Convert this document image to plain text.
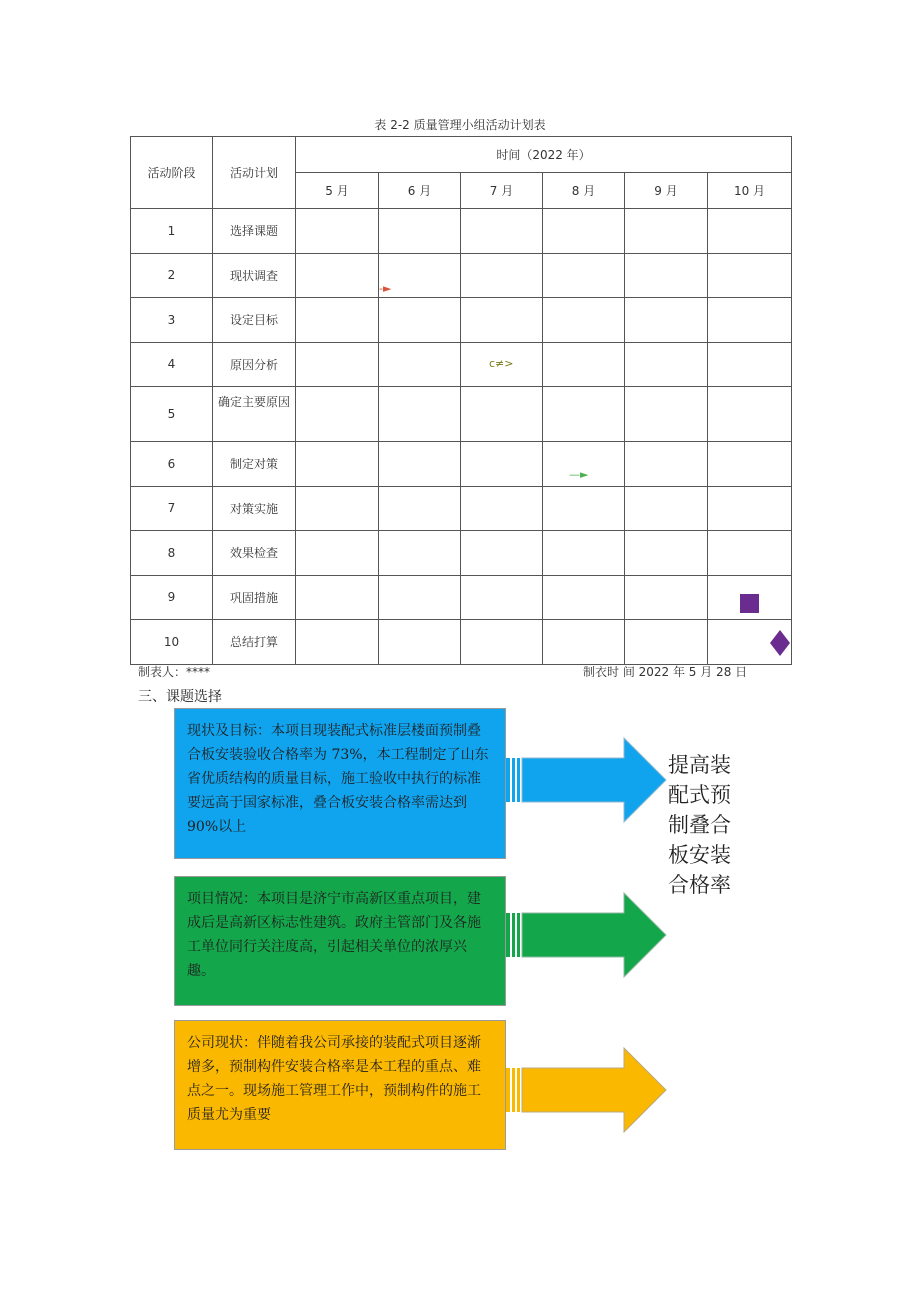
表 2-2 质量管理小组活动计划表
活动阶段	活动计划	时间（2022 年）					
		5 月	6 月	7 月	8 月	9 月	10 月
1	选择课题						
2	现状调查		-►				

3	设定目标						
4	原因分析			c≠>			

5	确定主要原因						
6	制定对策				—►		

7	对策实施						
8	效果检查						
9	巩固措施						

10	总结打算						
制表人：****	制衣时 间 2022 年 5 月 28 日
三、课题选择
现状及目标：本项目现装配式标准层楼面预制叠合板安装验收合格率为 73%，本工程制定了山东省优质结构的质量目标，施工验收中执行的标准要远高于国家标准，叠合板安装合格率需达到 90%以上
项目情况：本项目是济宁市高新区重点项目，建成后是高新区标志性建筑。政府主管部门及各施工单位同行关注度高，引起相关单位的浓厚兴趣。
公司现状：伴随着我公司承接的装配式项目逐渐增多，预制构件安装合格率是本工程的重点、难点之一。现场施工管理工作中，预制构件的施工质量尤为重要
提高装配式预制叠合板安装合格率
